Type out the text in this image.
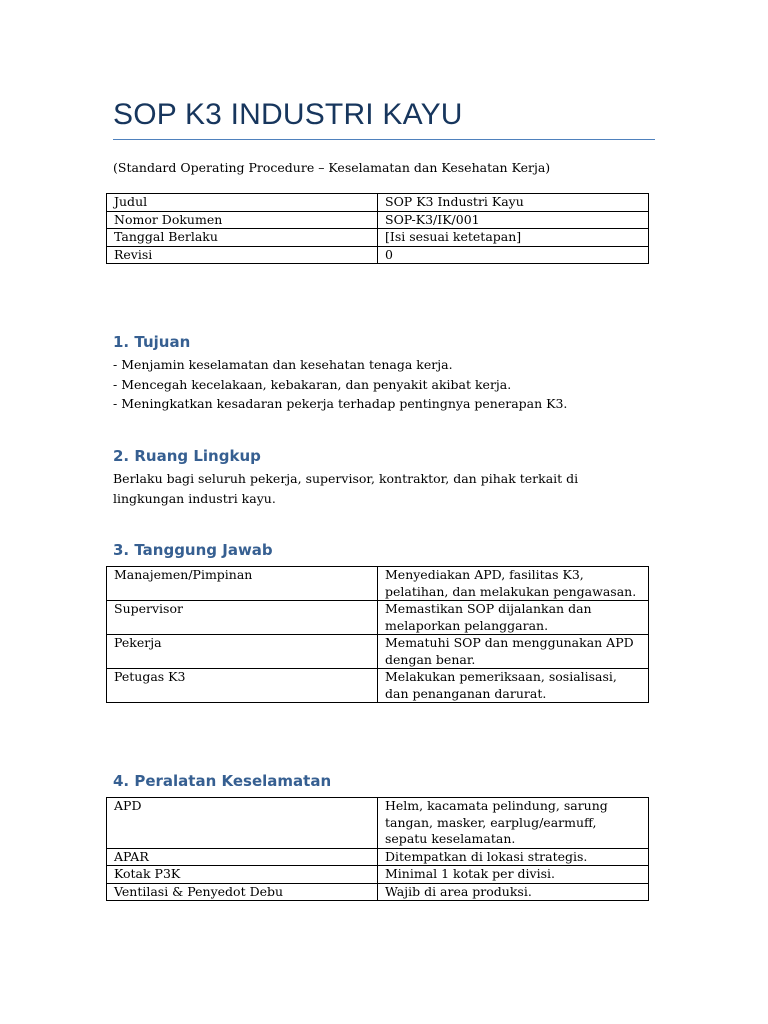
SOP K3 INDUSTRI KAYU
(Standard Operating Procedure – Keselamatan dan Kesehatan Kerja)
Judul	SOP K3 Industri Kayu
Nomor Dokumen	SOP-K3/IK/001
Tanggal Berlaku	[Isi sesuai ketetapan]
Revisi	0
1. Tujuan

- Menjamin keselamatan dan kesehatan tenaga kerja.

- Mencegah kecelakaan, kebakaran, dan penyakit akibat kerja.

- Meningkatkan kesadaran pekerja terhadap pentingnya penerapan K3.

2. Ruang Lingkup

Berlaku bagi seluruh pekerja, supervisor, kontraktor, dan pihak terkait di lingkungan industri kayu.

3. Tanggung Jawab
Manajemen/Pimpinan	Menyediakan APD, fasilitas K3, pelatihan, dan melakukan pengawasan.
Supervisor	Memastikan SOP dijalankan dan melaporkan pelanggaran.
Pekerja	Mematuhi SOP dan menggunakan APD dengan benar.
Petugas K3	Melakukan pemeriksaan, sosialisasi, dan penanganan darurat.
4. Peralatan Keselamatan
APD	Helm, kacamata pelindung, sarung tangan, masker, earplug/earmuff, sepatu keselamatan.
APAR	Ditempatkan di lokasi strategis.
Kotak P3K	Minimal 1 kotak per divisi.
Ventilasi & Penyedot Debu	Wajib di area produksi.
